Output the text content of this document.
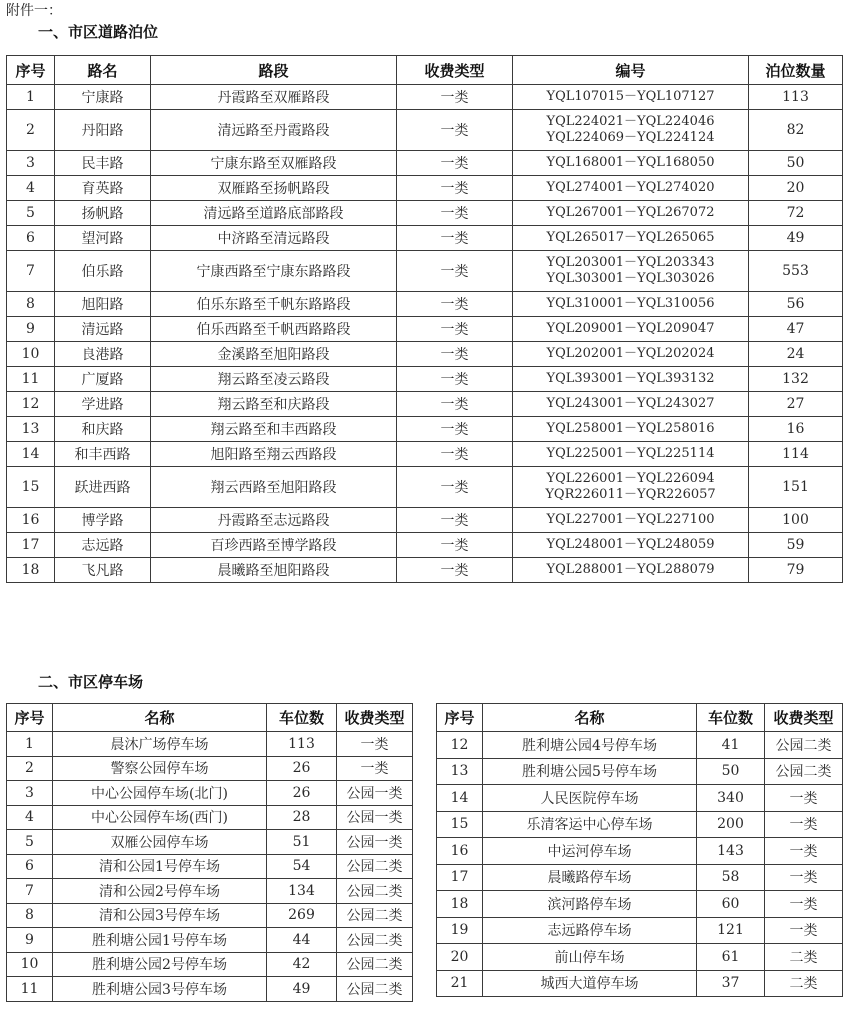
附件一：
一、市区道路泊位
序号	路名	路段	收费类型	编号	泊位数量
1	宁康路	丹霞路至双雁路段	一类	YQL107015－YQL107127	113
2	丹阳路	清远路至丹霞路段	一类	YQL224021－YQL224046
YQL224069－YQL224124	82
3	民丰路	宁康东路至双雁路段	一类	YQL168001－YQL168050	50
4	育英路	双雁路至扬帆路段	一类	YQL274001－YQL274020	20
5	扬帆路	清远路至道路底部路段	一类	YQL267001－YQL267072	72
6	望河路	中济路至清远路段	一类	YQL265017－YQL265065	49
7	伯乐路	宁康西路至宁康东路路段	一类	YQL203001－YQL203343
YQL303001－YQL303026	553
8	旭阳路	伯乐东路至千帆东路路段	一类	YQL310001－YQL310056	56
9	清远路	伯乐西路至千帆西路路段	一类	YQL209001－YQL209047	47
10	良港路	金溪路至旭阳路段	一类	YQL202001－YQL202024	24
11	广厦路	翔云路至凌云路段	一类	YQL393001－YQL393132	132
12	学进路	翔云路至和庆路段	一类	YQL243001－YQL243027	27
13	和庆路	翔云路至和丰西路段	一类	YQL258001－YQL258016	16
14	和丰西路	旭阳路至翔云西路段	一类	YQL225001－YQL225114	114
15	跃进西路	翔云西路至旭阳路段	一类	YQL226001－YQL226094
YQR226011－YQR226057	151
16	博学路	丹霞路至志远路段	一类	YQL227001－YQL227100	100
17	志远路	百珍西路至博学路段	一类	YQL248001－YQL248059	59
18	飞凡路	晨曦路至旭阳路段	一类	YQL288001－YQL288079	79
二、市区停车场
序号	名称	车位数	收费类型
1	晨沐广场停车场	113	一类
2	警察公园停车场	26	一类
3	中心公园停车场(北门)	26	公园一类
4	中心公园停车场(西门)	28	公园一类
5	双雁公园停车场	51	公园一类
6	清和公园1号停车场	54	公园二类
7	清和公园2号停车场	134	公园二类
8	清和公园3号停车场	269	公园二类
9	胜利塘公园1号停车场	44	公园二类
10	胜利塘公园2号停车场	42	公园二类
11	胜利塘公园3号停车场	49	公园二类
序号	名称	车位数	收费类型
12	胜利塘公园4号停车场	41	公园二类
13	胜利塘公园5号停车场	50	公园二类
14	人民医院停车场	340	一类
15	乐清客运中心停车场	200	一类
16	中运河停车场	143	一类
17	晨曦路停车场	58	一类
18	滨河路停车场	60	一类
19	志远路停车场	121	一类
20	前山停车场	61	二类
21	城西大道停车场	37	二类
